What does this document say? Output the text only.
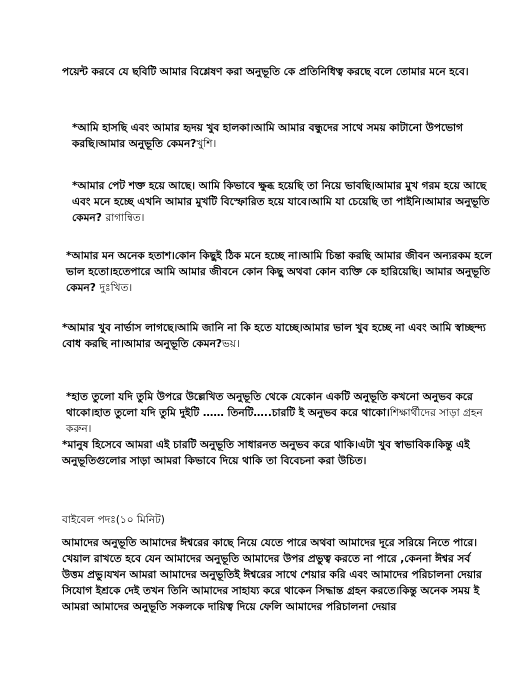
পয়েন্ট করবে যে ছবিটি আমার বিশ্লেষণ করা অনুভূতি কে প্রতিনিধিত্ব করছে বলে তোমার মনে হবে।

*আমি হাসছি এবং আমার হৃদয় খুব হালকা।আমি আমার বন্ধুদের সাথে সময় কাটানো উপভোগ করছি।আমার অনুভূতি কেমন?খুশি।

*আমার পেট শক্ত হয়ে আছে। আমি কিভাবে ক্ষুব্ধ হয়েছি তা নিয়ে ভাবছি।আমার মুখ গরম হয়ে আছে এবং মনে হচ্ছে এখনি আমার মুখটি বিস্ফোরিত হয়ে যাবে।আমি যা চেয়েছি তা পাইনি।আমার অনুভূতি কেমন? রাগান্বিত।

*আমার মন অনেক হতাশ।কোন কিছুই ঠিক মনে হচ্ছে না।আমি চিন্তা করছি আমার জীবন অন্যরকম হলে ভাল হতো।হতেপারে আমি আমার জীবনে কোন কিছু অথবা কোন ব্যক্তি কে হারিয়েছি। আমার অনুভূতি কেমন? দুঃখিত।

*আমার খুব নার্ভাস লাগছে।আমি জানি না কি হতে যাচ্ছে।আমার ভাল খুব হচ্ছে না এবং আমি স্বাচ্ছন্দ্য বোধ করছি না।আমার অনুভূতি কেমন?ভয়।

*হাত তুলো যদি তুমি উপরে উল্লেখিত অনুভূতি থেকে যেকোন একটি অনুভূতি কখনো অনুভব করে থাকো।হাত তুলো যদি তুমি দুইটি …… তিনটি…..চারটি ই অনুভব করে থাকো।শিক্ষার্থীদের সাড়া গ্রহন করুন।

*মানুষ হিসেবে আমরা এই চারটি অনুভূতি সাধারনত অনুভব করে থাকি।এটা খুব স্বাভাবিক।কিন্তু এই অনুভূতিগুলোর সাড়া আমরা কিভাবে দিয়ে থাকি তা বিবেচনা করা উচিত।

বাইবেল পদঃ(১০ মিনিট)

আমাদের অনুভূতি আমাদের ঈশ্বরের কাছে নিয়ে যেতে পারে অথবা আমাদের দূরে সরিয়ে নিতে পারে।খেয়াল রাখতে হবে যেন আমাদের অনুভূতি আমাদের উপর প্রভুত্ব করতে না পারে ,কেননা ঈশ্বর সর্ব উত্তম প্রভু।যখন আমরা আমাদের অনুভূতিই ঈশ্বরের সাথে শেয়ার করি এবং আমাদের পরিচালনা দেয়ার সিযোগ ইশ্রকে দেই তখন তিনি আমাদের সাহায্য করে থাকেন সিদ্ধান্ত গ্রহন করতে।কিন্তু অনেক সময় ই আমরা আমাদের অনুভূতি সকলকে দায়িত্ব দিয়ে ফেলি আমাদের পরিচালনা দেয়ার
